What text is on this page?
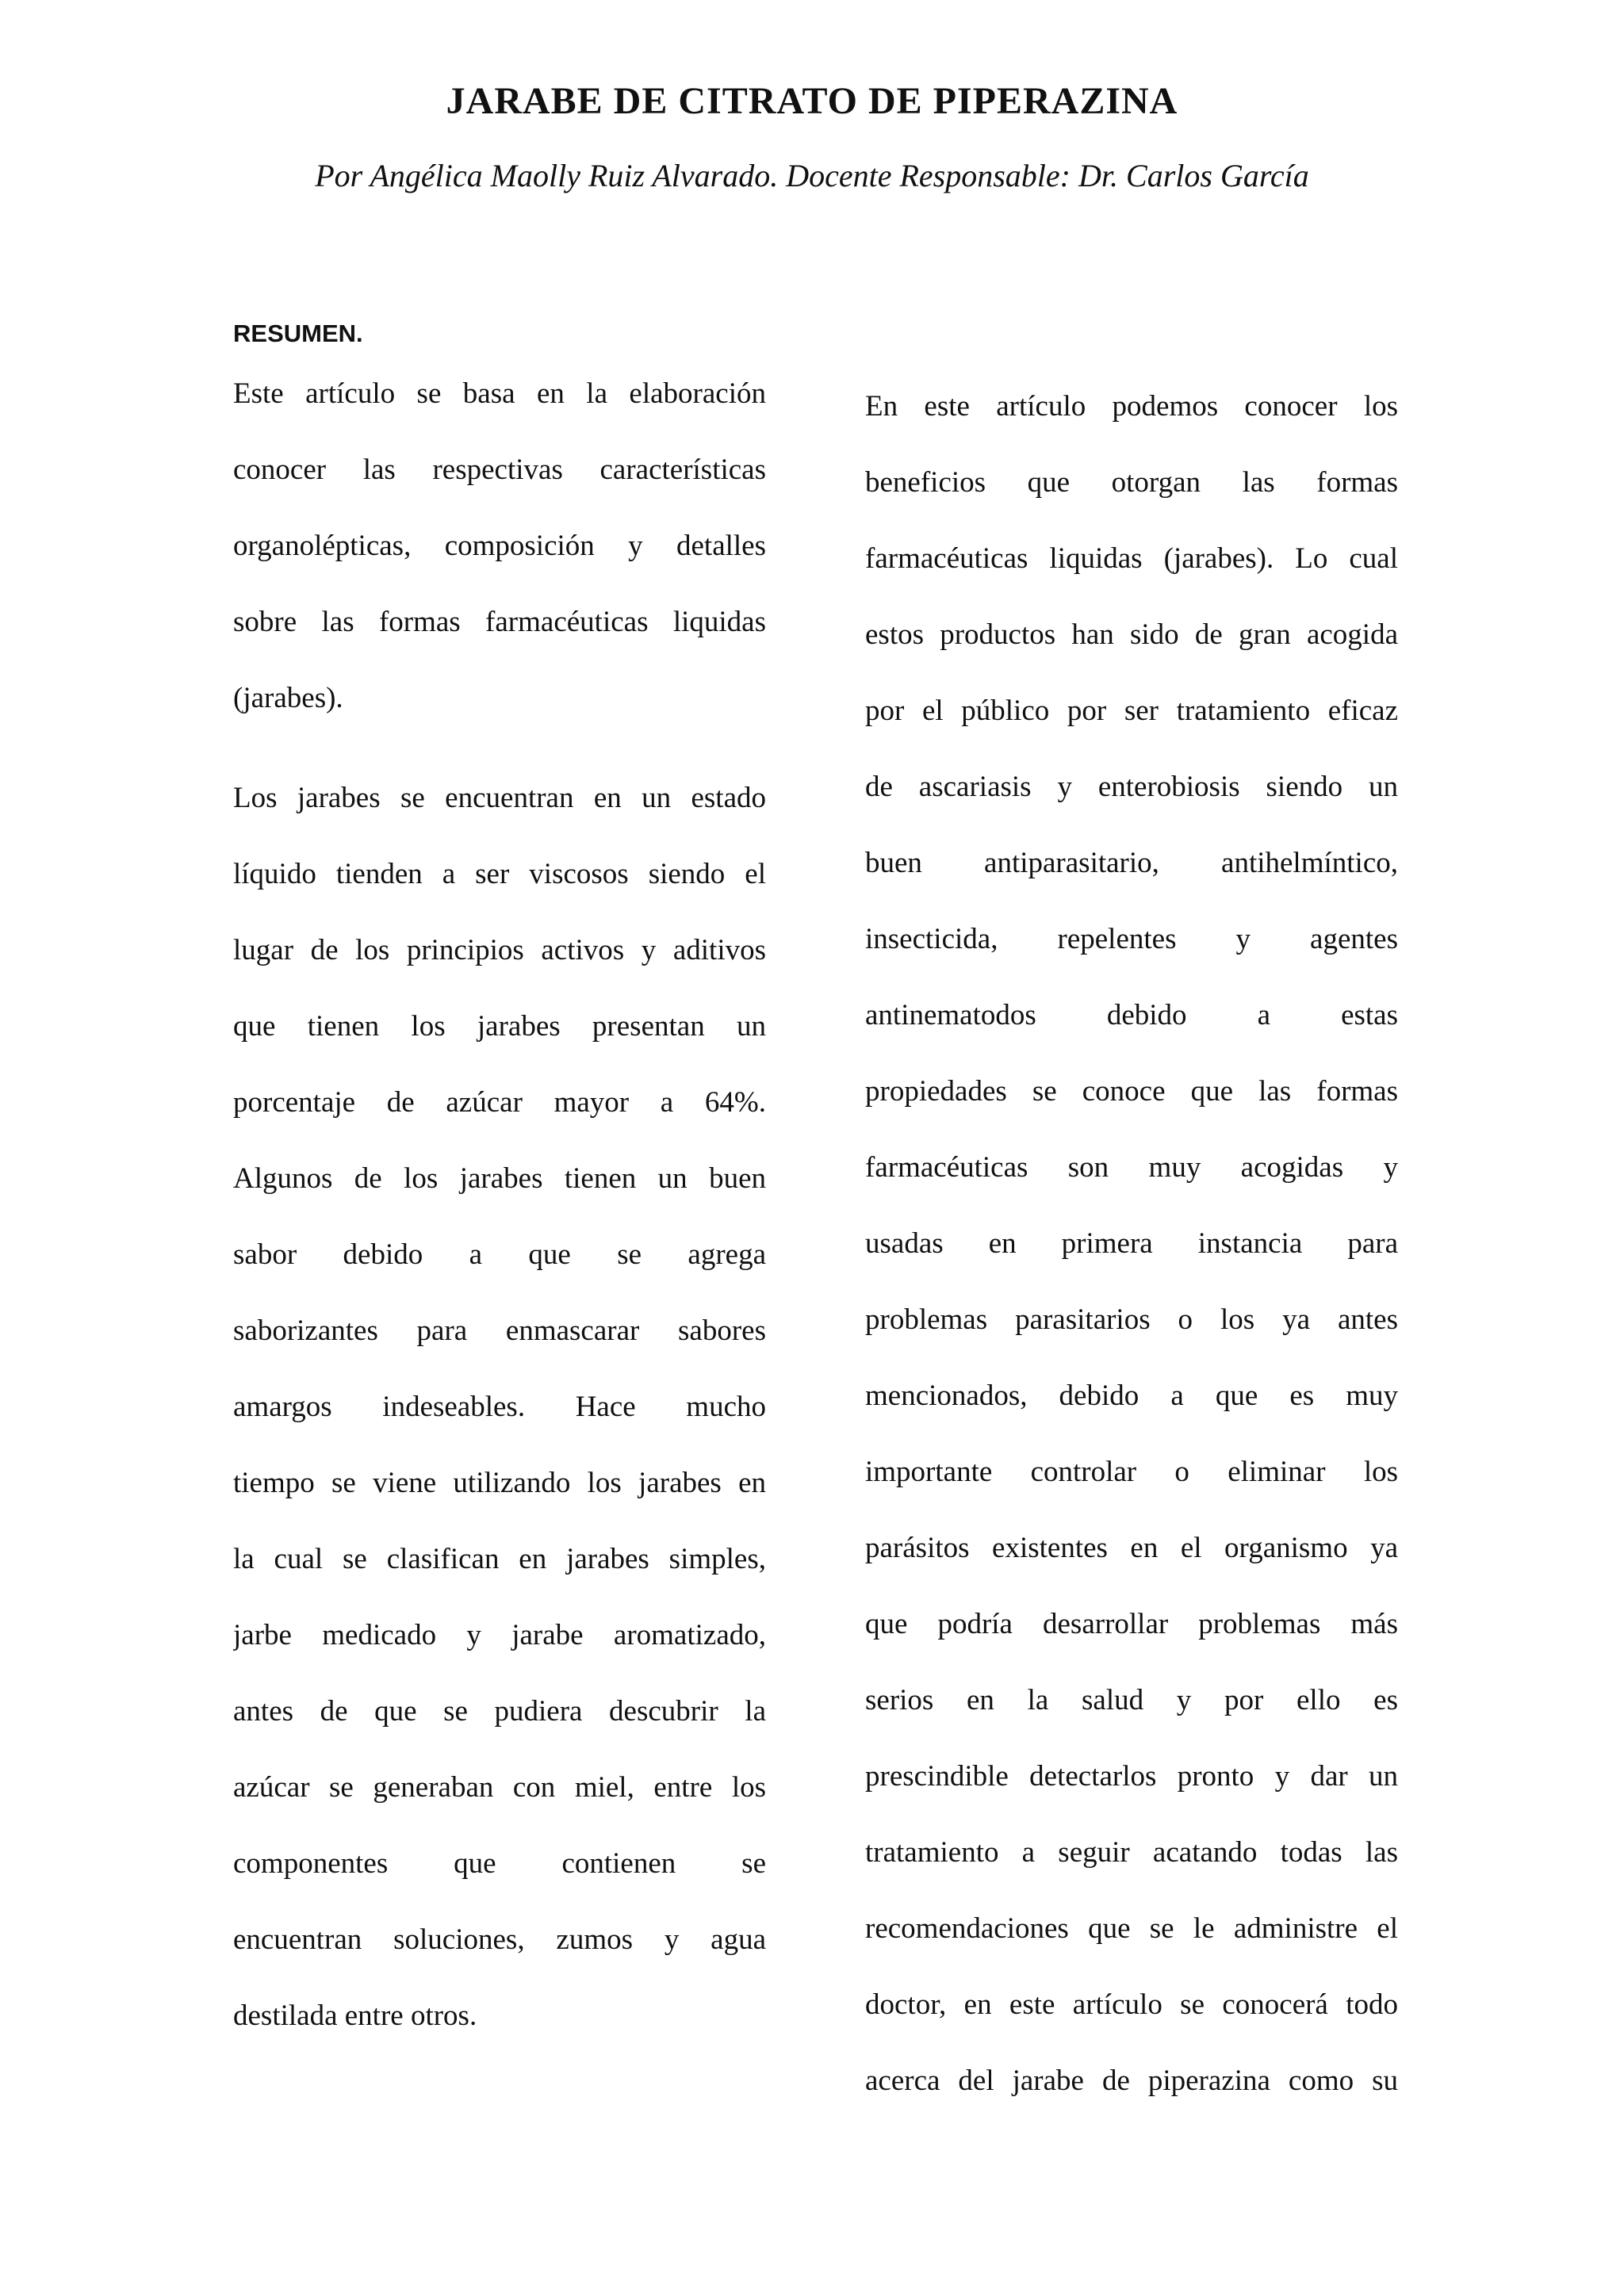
JARABE DE CITRATO DE PIPERAZINA

Por Angélica Maolly Ruiz Alvarado. Docente Responsable: Dr. Carlos García

RESUMEN.

Este artículo se basa en la elaboración
conocer las respectivas características
organolépticas, composición y detalles
sobre las formas farmacéuticas liquidas
(jarabes).
Los jarabes se encuentran en un estado
líquido tienden a ser viscosos siendo el
lugar de los principios activos y aditivos
que tienen los jarabes presentan un
porcentaje de azúcar mayor a 64%.
Algunos de los jarabes tienen un buen
sabor debido a que se agrega
saborizantes para enmascarar sabores
amargos indeseables. Hace mucho
tiempo se viene utilizando los jarabes en
la cual se clasifican en jarabes simples,
jarbe medicado y jarabe aromatizado,
antes de que se pudiera descubrir la
azúcar se generaban con miel, entre los
componentes que contienen se
encuentran soluciones, zumos y agua
destilada entre otros.
En este artículo podemos conocer los
beneficios que otorgan las formas
farmacéuticas liquidas (jarabes). Lo cual
estos productos han sido de gran acogida
por el público por ser tratamiento eficaz
de ascariasis y enterobiosis siendo un
buen antiparasitario, antihelmíntico,
insecticida, repelentes y agentes
antinematodos debido a estas
propiedades se conoce que las formas
farmacéuticas son muy acogidas y
usadas en primera instancia para
problemas parasitarios o los ya antes
mencionados, debido a que es muy
importante controlar o eliminar los
parásitos existentes en el organismo ya
que podría desarrollar problemas más
serios en la salud y por ello es
prescindible detectarlos pronto y dar un
tratamiento a seguir acatando todas las
recomendaciones que se le administre el
doctor, en este artículo se conocerá todo
acerca del jarabe de piperazina como su
